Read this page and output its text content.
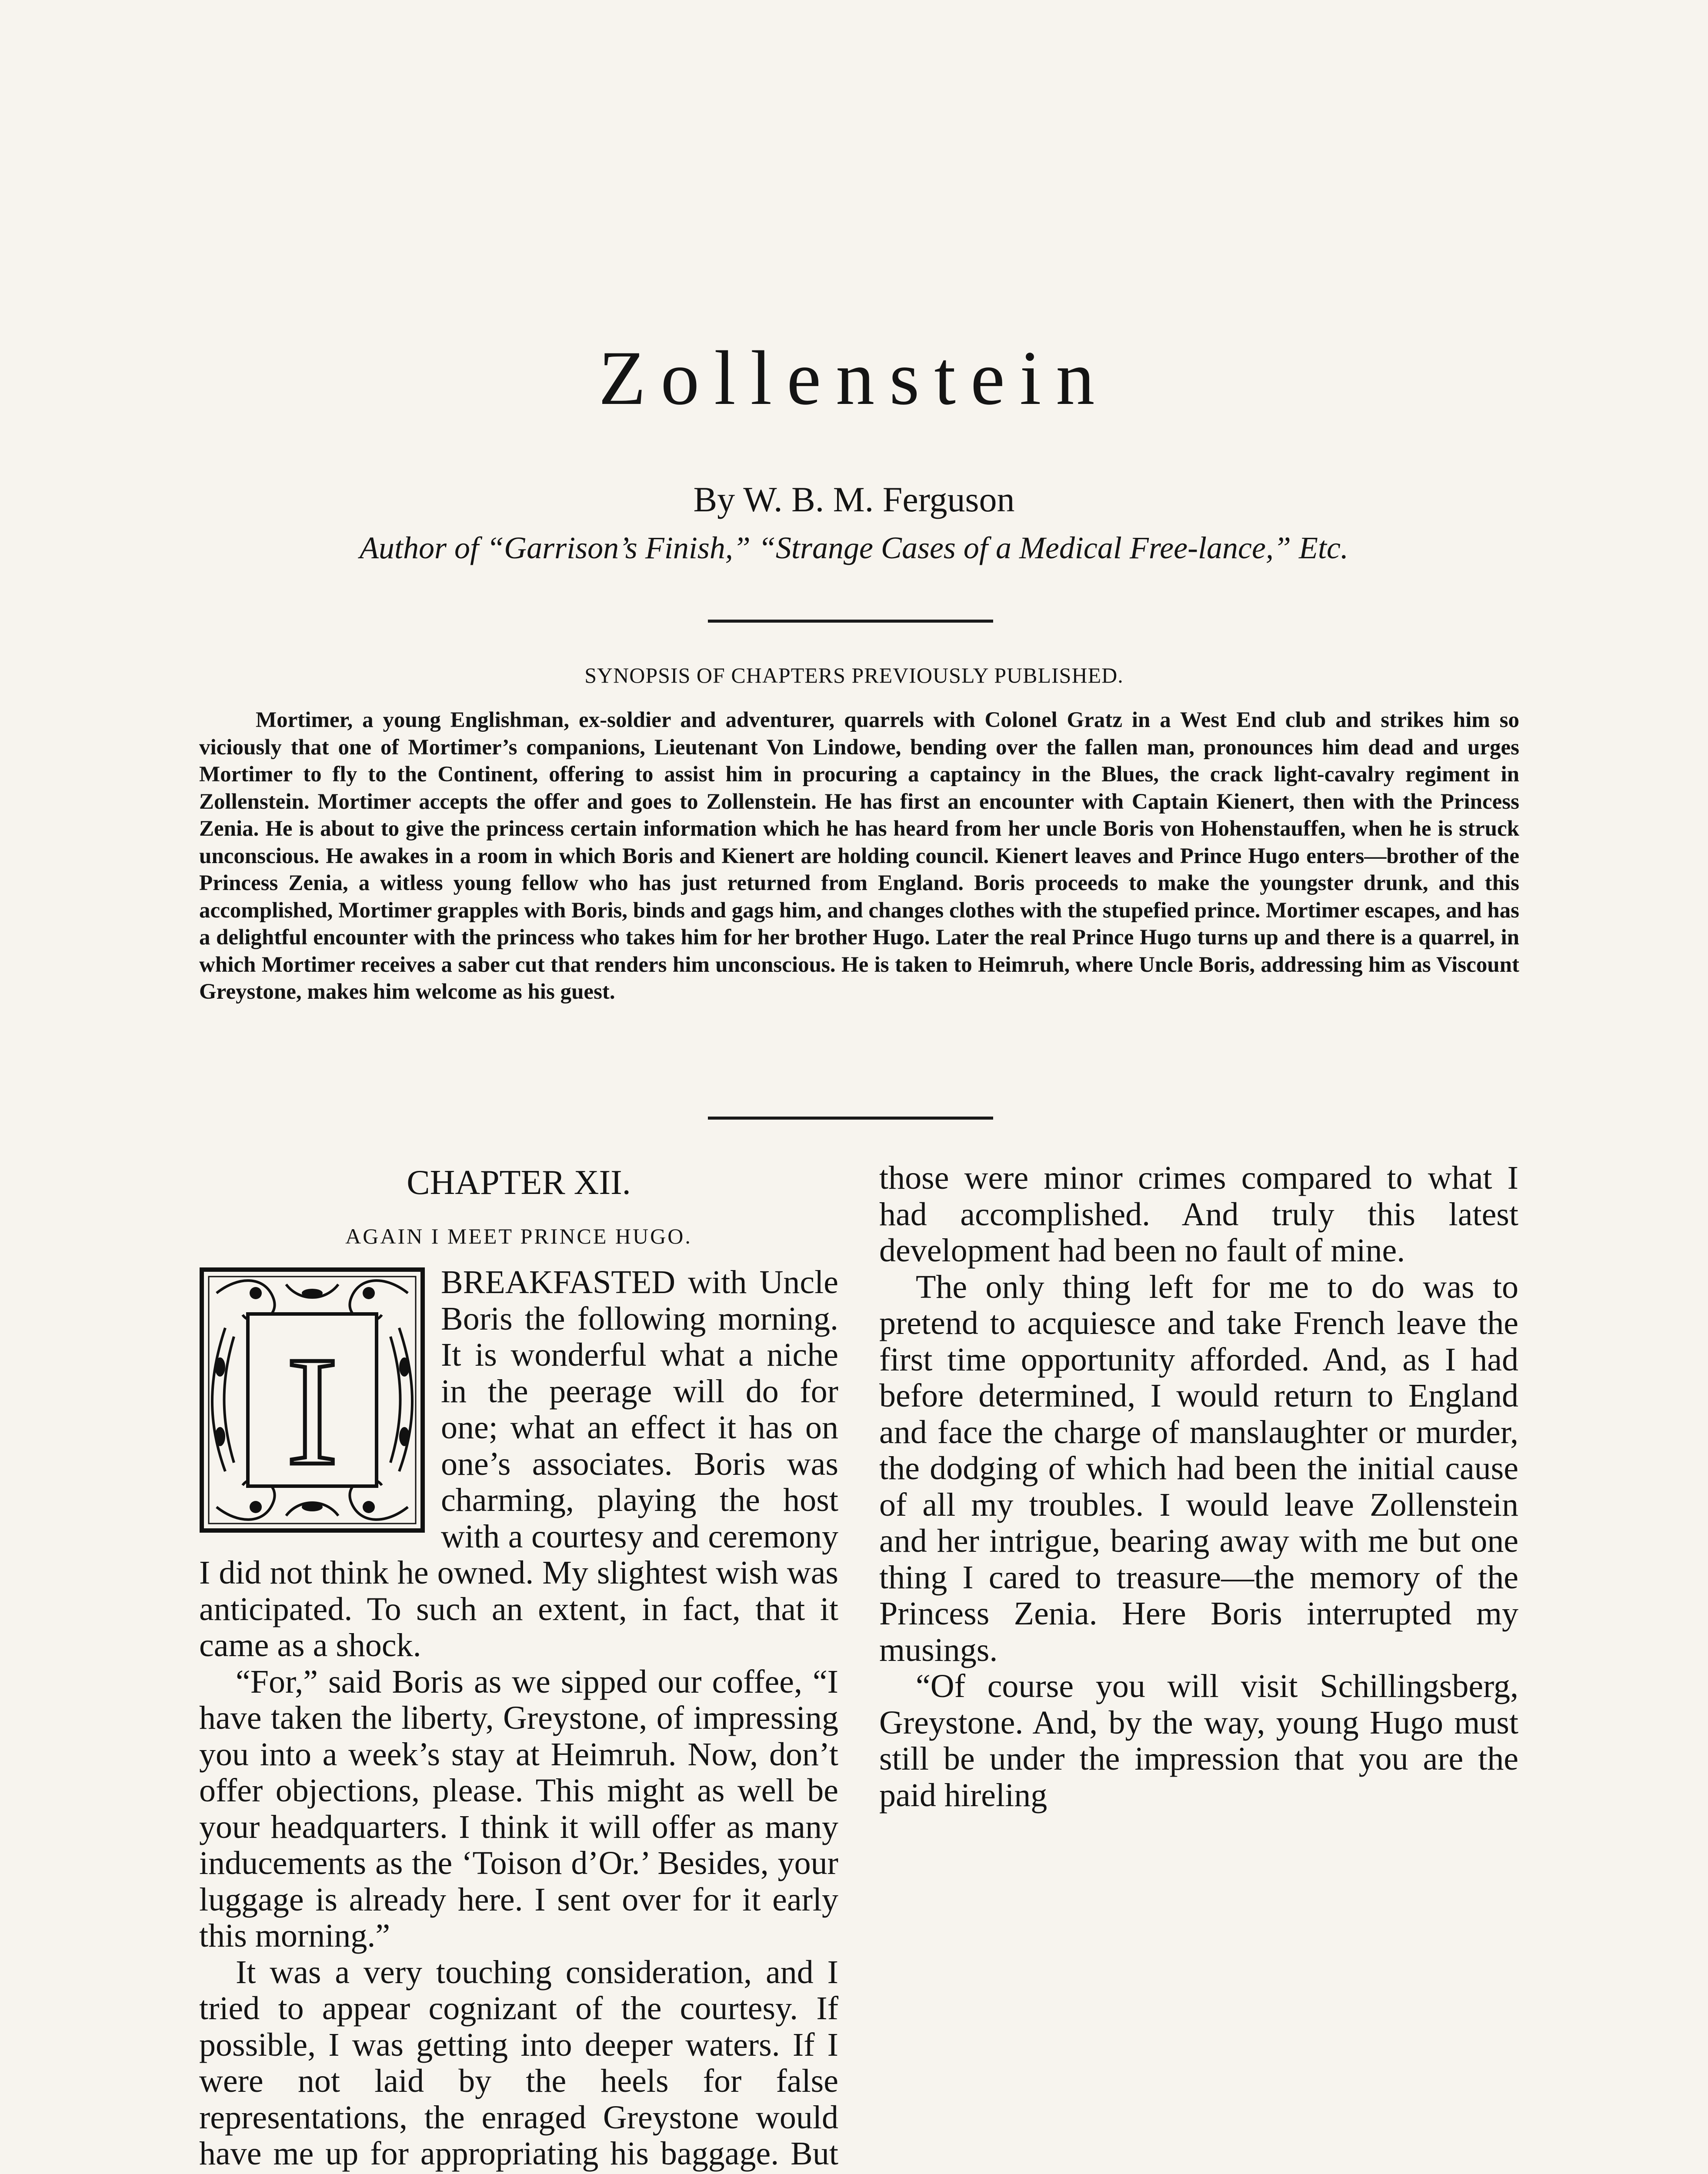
Zollenstein
By W. B. M. Ferguson
Author of “Garrison’s Finish,” “Strange Cases of a Medical Free-lance,” Etc.
SYNOPSIS OF CHAPTERS PREVIOUSLY PUBLISHED.

Mortimer, a young Englishman, ex-soldier and adventurer, quarrels with Colonel Gratz in a West End club and strikes him so viciously that one of Mortimer’s companions, Lieutenant Von Lindowe, bending over the fallen man, pronounces him dead and urges Mortimer to fly to the Continent, offering to assist him in procuring a captaincy in the Blues, the crack light-cavalry regiment in Zollenstein. Mortimer accepts the offer and goes to Zollenstein. He has first an encounter with Captain Kienert, then with the Princess Zenia. He is about to give the princess certain information which he has heard from her uncle Boris von Hohenstauffen, when he is struck unconscious. He awakes in a room in which Boris and Kienert are holding council. Kienert leaves and Prince Hugo enters—brother of the Princess Zenia, a witless young fellow who has just returned from England. Boris proceeds to make the youngster drunk, and this accomplished, Mortimer grapples with Boris, binds and gags him, and changes clothes with the stupefied prince. Mortimer escapes, and has a delightful encounter with the princess who takes him for her brother Hugo. Later the real Prince Hugo turns up and there is a quarrel, in which Mortimer receives a saber cut that renders him unconscious. He is taken to Heimruh, where Uncle Boris, addressing him as Viscount Greystone, makes him welcome as his guest.

CHAPTER XII.

AGAIN I MEET PRINCE HUGO.

I

BREAKFASTED with Uncle Boris the following morning. It is wonderful what a niche in the peerage will do for one; what an effect it has on one’s associates. Boris was charming, playing the host with a courtesy and ceremony I did not think he owned. My slightest wish was anticipated. To such an extent, in fact, that it came as a shock.

“For,” said Boris as we sipped our coffee, “I have taken the liberty, Greystone, of impressing you into a week’s stay at Heimruh. Now, don’t offer objections, please. This might as well be your headquarters. I think it will offer as many inducements as the ‘Toison d’Or.’ Besides, your luggage is already here. I sent over for it early this morning.”

It was a very touching consideration, and I tried to appear cognizant of the courtesy. If possible, I was getting into deeper waters. If I were not laid by the heels for false representations, the enraged Greystone would have me up for appropriating his baggage. But

those were minor crimes compared to what I had accomplished. And truly this latest development had been no fault of mine.

The only thing left for me to do was to pretend to acquiesce and take French leave the first time opportunity afforded. And, as I had before determined, I would return to England and face the charge of manslaughter or murder, the dodging of which had been the initial cause of all my troubles. I would leave Zollenstein and her intrigue, bearing away with me but one thing I cared to treasure—the memory of the Princess Zenia. Here Boris interrupted my musings.

“Of course you will visit Schillingsberg, Greystone. And, by the way, young Hugo must still be under the impression that you are the paid hireling
